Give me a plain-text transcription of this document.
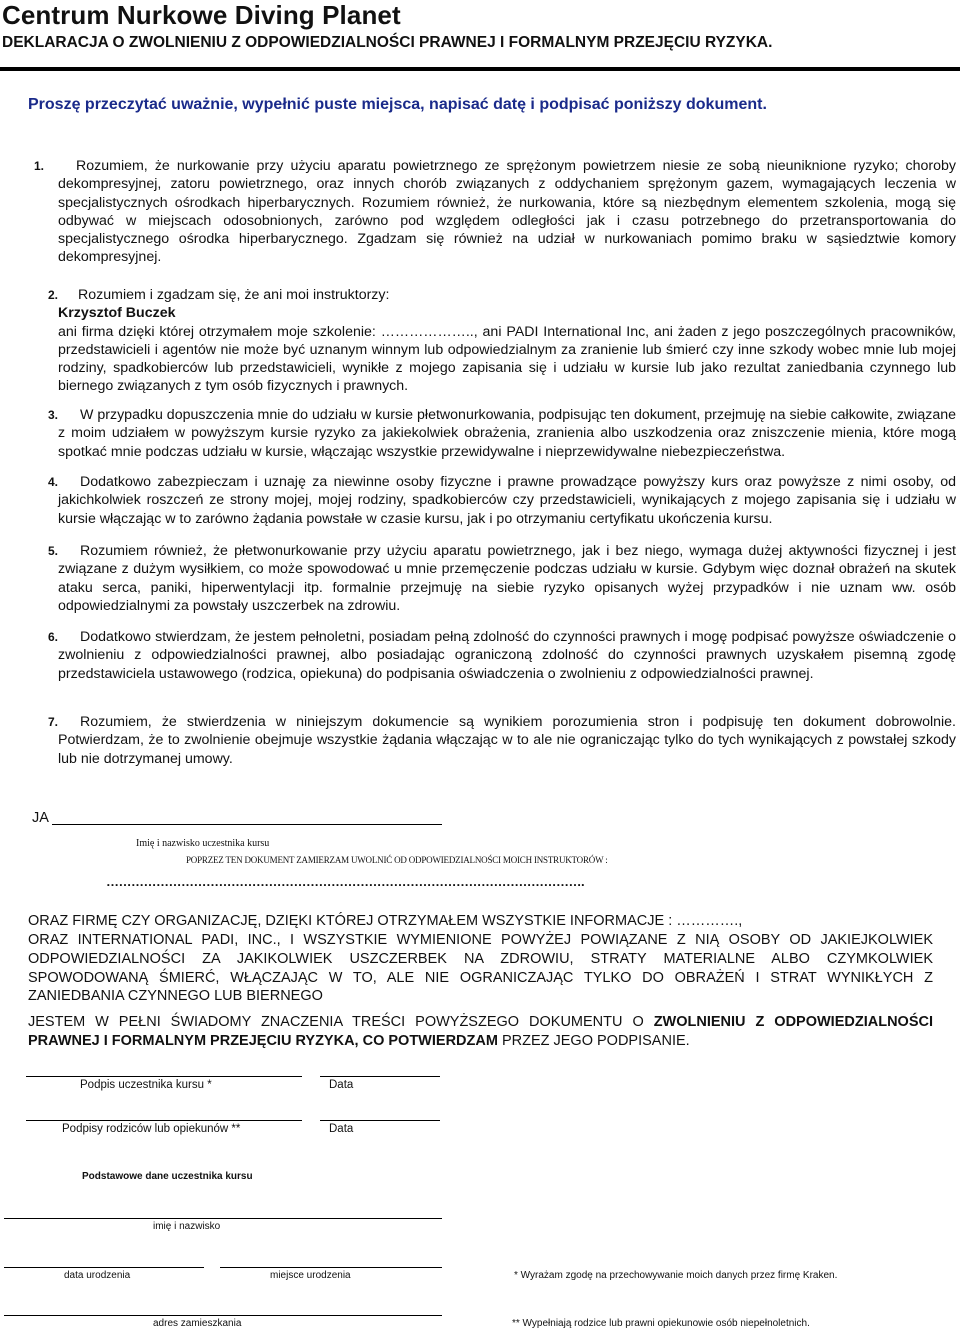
Centrum Nurkowe Diving Planet
DEKLARACJA O ZWOLNIENIU Z ODPOWIEDZIALNOŚCI PRAWNEJ I FORMALNYM PRZEJĘCIU RYZYKA.
Proszę przeczytać uważnie, wypełnić puste miejsca, napisać datę i podpisać poniższy dokument.
1.	Rozumiem, że nurkowanie przy użyciu aparatu powietrznego ze sprężonym powietrzem niesie ze sobą nieuniknione ryzyko; choroby dekompresyjnej, zatoru powietrznego, oraz innych chorób związanych z oddychaniem sprężonym gazem, wymagających leczenia w specjalistycznych ośrodkach hiperbarycznych. Rozumiem również, że nurkowania, które są niezbędnym elementem szkolenia, mogą się odbywać w miejscach odosobnionych, zarówno pod względem odległości jak i czasu potrzebnego do przetransportowania do specjalistycznego ośrodka hiperbarycznego. Zgadzam się również na udział w nurkowaniach pomimo braku w sąsiedztwie komory dekompresyjnej.

2.	Rozumiem i zgadzam się, że ani moi instruktorzy:

Krzysztof Buczek

ani firma dzięki której otrzymałem moje szkolenie: ……………….., ani PADI International Inc, ani żaden z jego poszczególnych pracowników, przedstawicieli i agentów nie może być uznanym winnym lub odpowiedzialnym za zranienie lub śmierć czy inne szkody wobec mnie lub mojej rodziny, spadkobierców lub przedstawicieli, wynikłe z mojego zapisania się i udziału w kursie lub jako rezultat zaniedbania czynnego lub biernego związanych z tym osób fizycznych i prawnych.

3.	W przypadku dopuszczenia mnie do udziału w kursie płetwonurkowania, podpisując ten dokument, przejmuję na siebie całkowite, związane z moim udziałem w powyższym kursie ryzyko za jakiekolwiek obrażenia, zranienia albo uszkodzenia oraz zniszczenie mienia, które mogą spotkać mnie podczas udziału w kursie, włączając wszystkie przewidywalne i nieprzewidywalne niebezpieczeństwa.

4.	Dodatkowo zabezpieczam i uznaję za niewinne osoby fizyczne i prawne prowadzące powyższy kurs oraz powyższe z nimi osoby, od jakichkolwiek roszczeń ze strony mojej, mojej rodziny, spadkobierców czy przedstawicieli, wynikających z mojego zapisania się i udziału w kursie włączając w to zarówno żądania powstałe w czasie kursu, jak i po otrzymaniu certyfikatu ukończenia kursu.

5.	Rozumiem również, że płetwonurkowanie przy użyciu aparatu powietrznego, jak i bez niego, wymaga dużej aktywności fizycznej i jest związane z dużym wysiłkiem, co może spowodować u mnie przemęczenie podczas udziału w kursie. Gdybym więc doznał obrażeń na skutek ataku serca, paniki, hiperwentylacji itp. formalnie przejmuję na siebie ryzyko opisanych wyżej przypadków i nie uznam ww. osób odpowiedzialnymi za powstały uszczerbek na zdrowiu.

6.	Dodatkowo stwierdzam, że jestem pełnoletni, posiadam pełną zdolność do czynności prawnych i mogę podpisać powyższe oświadczenie o zwolnieniu z odpowiedzialności prawnej, albo posiadając ograniczoną zdolność do czynności prawnych uzyskałem pisemną zgodę przedstawiciela ustawowego (rodzica, opiekuna) do podpisania oświadczenia o zwolnieniu z odpowiedzialności prawnej.

7.	Rozumiem, że stwierdzenia w niniejszym dokumencie są wynikiem porozumienia stron i podpisuję ten dokument dobrowolnie. Potwierdzam, że to zwolnienie obejmuje wszystkie żądania włączając w to ale nie ograniczając tylko do tych wynikających z powstałej szkody lub nie dotrzymanej umowy.

JA
Imię i nazwisko uczestnika kursu
POPRZEZ TEN DOKUMENT ZAMIERZAM UWOLNIĆ OD ODPOWIEDZIALNOŚCI MOICH INSTRUKTORÓW :
…………………………………………………………………………………………………….
ORAZ FIRMĘ CZY ORGANIZACJĘ, DZIĘKI KTÓREJ OTRZYMAŁEM WSZYSTKIE INFORMACJE : ………….,
ORAZ INTERNATIONAL PADI, INC., I WSZYSTKIE WYMIENIONE POWYŻEJ POWIĄZANE Z NIĄ OSOBY OD JAKIEJKOLWIEK ODPOWIEDZIALNOŚCI ZA JAKIKOLWIEK USZCZERBEK NA ZDROWIU, STRATY MATERIALNE ALBO CZYMKOLWIEK SPOWODOWANĄ ŚMIERĆ, WŁĄCZAJĄC W TO, ALE NIE OGRANICZAJĄC TYLKO DO OBRAŻEŃ I STRAT WYNIKŁYCH Z ZANIEDBANIA CZYNNEGO LUB BIERNEGO
JESTEM W PEŁNI ŚWIADOMY ZNACZENIA TREŚCI POWYŻSZEGO DOKUMENTU O ZWOLNIENIU Z ODPOWIEDZIALNOŚCI PRAWNEJ I FORMALNYM PRZEJĘCIU RYZYKA, CO POTWIERDZAM PRZEZ JEGO PODPISANIE.
Podpis uczestnika kursu *	Data
Podpisy rodziców lub opiekunów **	Data
Podstawowe dane uczestnika kursu
imię i nazwisko
data urodzenia	miejsce urodzenia	* Wyrażam zgodę na przechowywanie moich danych przez firmę Kraken.
adres zamieszkania	** Wypełniają rodzice lub prawni opiekunowie osób niepełnoletnich.
